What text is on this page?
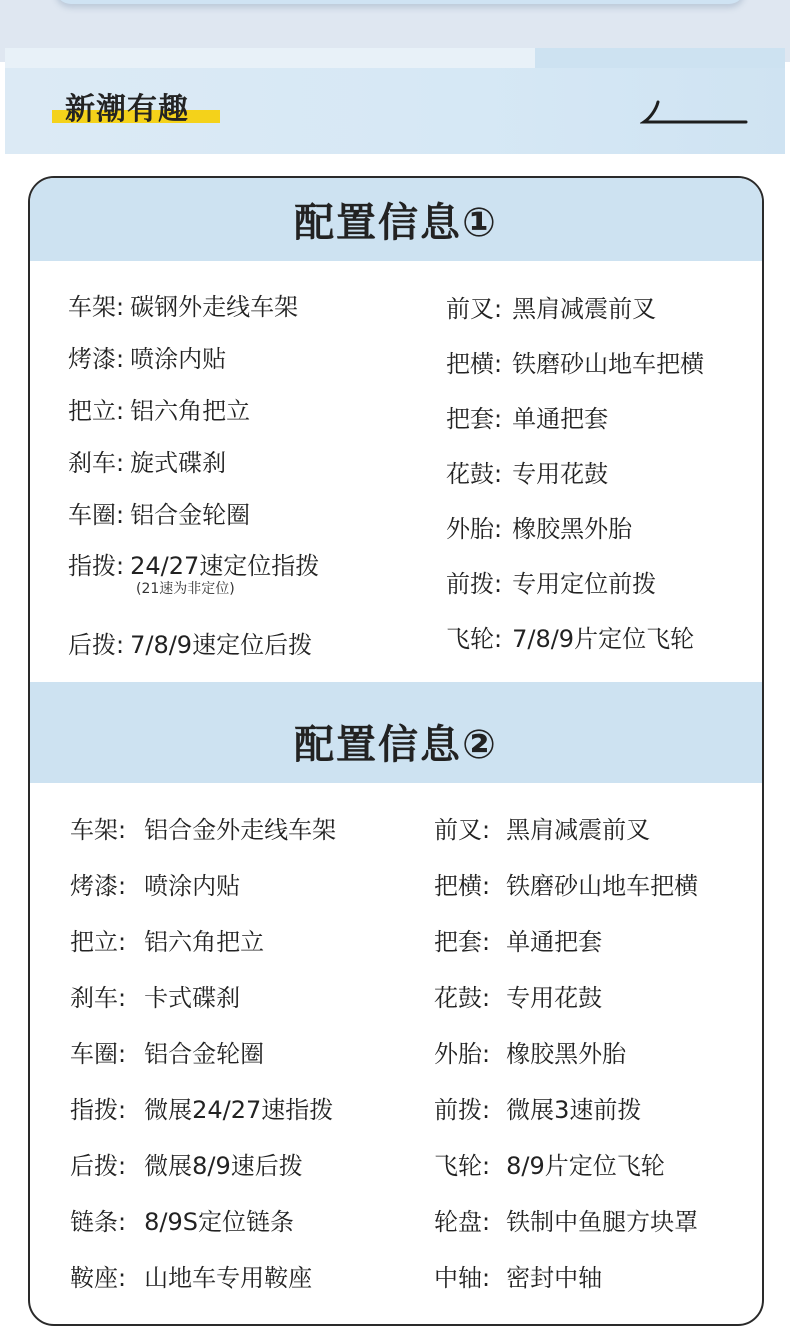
新潮有趣
配置信息①
车架: 碳钢外走线车架
烤漆: 喷涂内贴
把立: 铝六角把立
刹车: 旋式碟刹
车圈: 铝合金轮圈
指拨: 24/27速定位指拨
(21速为非定位)
后拨: 7/8/9速定位后拨
前叉: 黑肩减震前叉
把横: 铁磨砂山地车把横
把套: 单通把套
花鼓: 专用花鼓
外胎: 橡胶黑外胎
前拨: 专用定位前拨
飞轮: 7/8/9片定位飞轮
配置信息②
车架: 铝合金外走线车架
烤漆: 喷涂内贴
把立: 铝六角把立
刹车: 卡式碟刹
车圈: 铝合金轮圈
指拨: 微展24/27速指拨
后拨: 微展8/9速后拨
链条: 8/9S定位链条
鞍座: 山地车专用鞍座
前叉: 黑肩减震前叉
把横: 铁磨砂山地车把横
把套: 单通把套
花鼓: 专用花鼓
外胎: 橡胶黑外胎
前拨: 微展3速前拨
飞轮: 8/9片定位飞轮
轮盘: 铁制中鱼腿方块罩
中轴: 密封中轴
